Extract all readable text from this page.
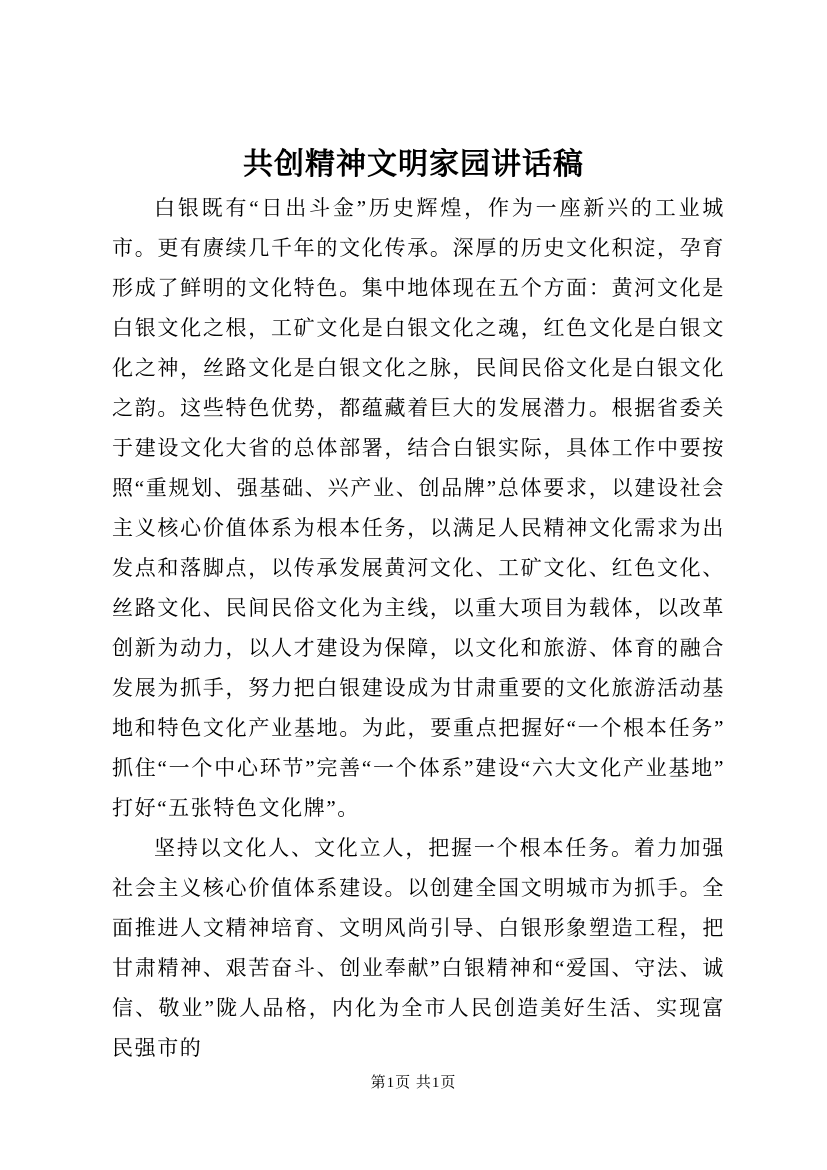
共创精神文明家园讲话稿

白银既有“日出斗金”历史辉煌，作为一座新兴的工业城市。更有赓续几千年的文化传承。深厚的历史文化积淀，孕育形成了鲜明的文化特色。集中地体现在五个方面：黄河文化是白银文化之根，工矿文化是白银文化之魂，红色文化是白银文化之神，丝路文化是白银文化之脉，民间民俗文化是白银文化之韵。这些特色优势，都蕴藏着巨大的发展潜力。根据省委关于建设文化大省的总体部署，结合白银实际，具体工作中要按照“重规划、强基础、兴产业、创品牌”总体要求，以建设社会主义核心价值体系为根本任务，以满足人民精神文化需求为出发点和落脚点，以传承发展黄河文化、工矿文化、红色文化、丝路文化、民间民俗文化为主线，以重大项目为载体，以改革创新为动力，以人才建设为保障，以文化和旅游、体育的融合发展为抓手，努力把白银建设成为甘肃重要的文化旅游活动基地和特色文化产业基地。为此，要重点把握好“一个根本任务”抓住“一个中心环节”完善“一个体系”建设“六大文化产业基地”打好“五张特色文化牌”。

坚持以文化人、文化立人，把握一个根本任务。着力加强社会主义核心价值体系建设。以创建全国文明城市为抓手。全面推进人文精神培育、文明风尚引导、白银形象塑造工程，把甘肃精神、艰苦奋斗、创业奉献”白银精神和“爱国、守法、诚信、敬业”陇人品格，内化为全市人民创造美好生活、实现富民强市的

第1页 共1页
